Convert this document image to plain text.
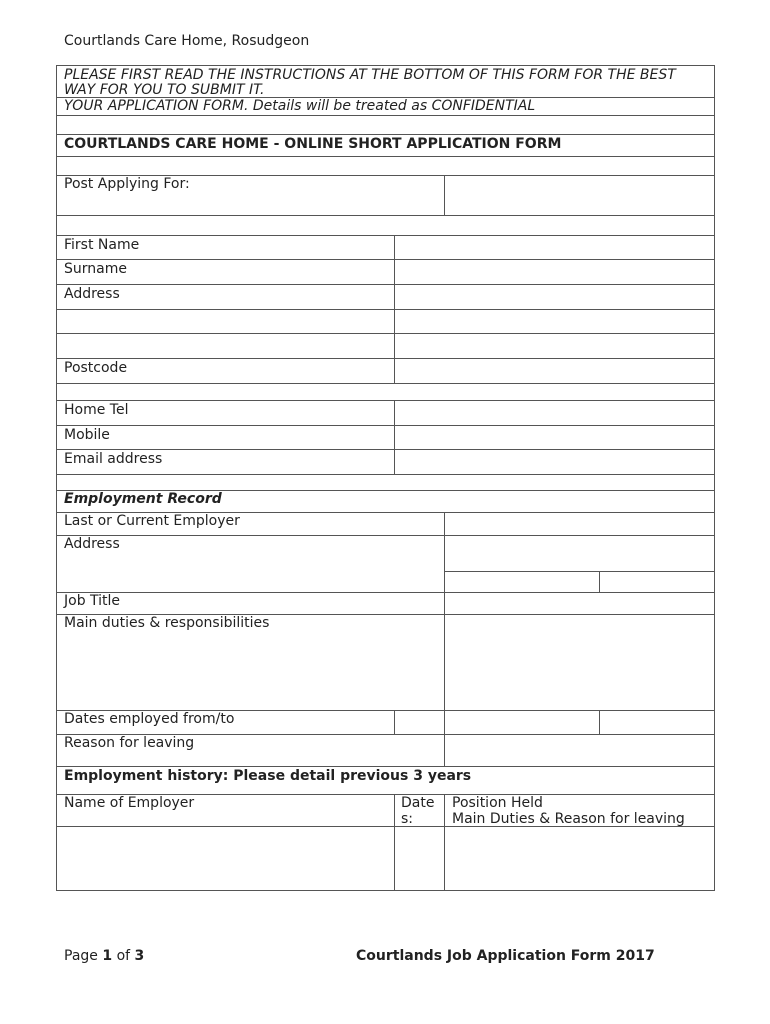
Courtlands Care Home, Rosudgeon
PLEASE FIRST READ THE INSTRUCTIONS AT THE BOTTOM OF THIS FORM FOR THE BEST
WAY FOR YOU TO SUBMIT IT.
YOUR APPLICATION FORM. Details will be treated as CONFIDENTIAL
COURTLANDS CARE HOME - ONLINE SHORT APPLICATION FORM
Post Applying For:
First Name
Surname
Address
Postcode
Home Tel
Mobile
Email address
Employment Record
Last or Current Employer
Address
Job Title
Main duties & responsibilities
Dates employed from/to
Reason for leaving
Employment history: Please detail previous 3 years
Name of Employer	Date
s:
Position Held
Main Duties & Reason for leaving
Page 1 of 3	Courtlands Job Application Form 2017
